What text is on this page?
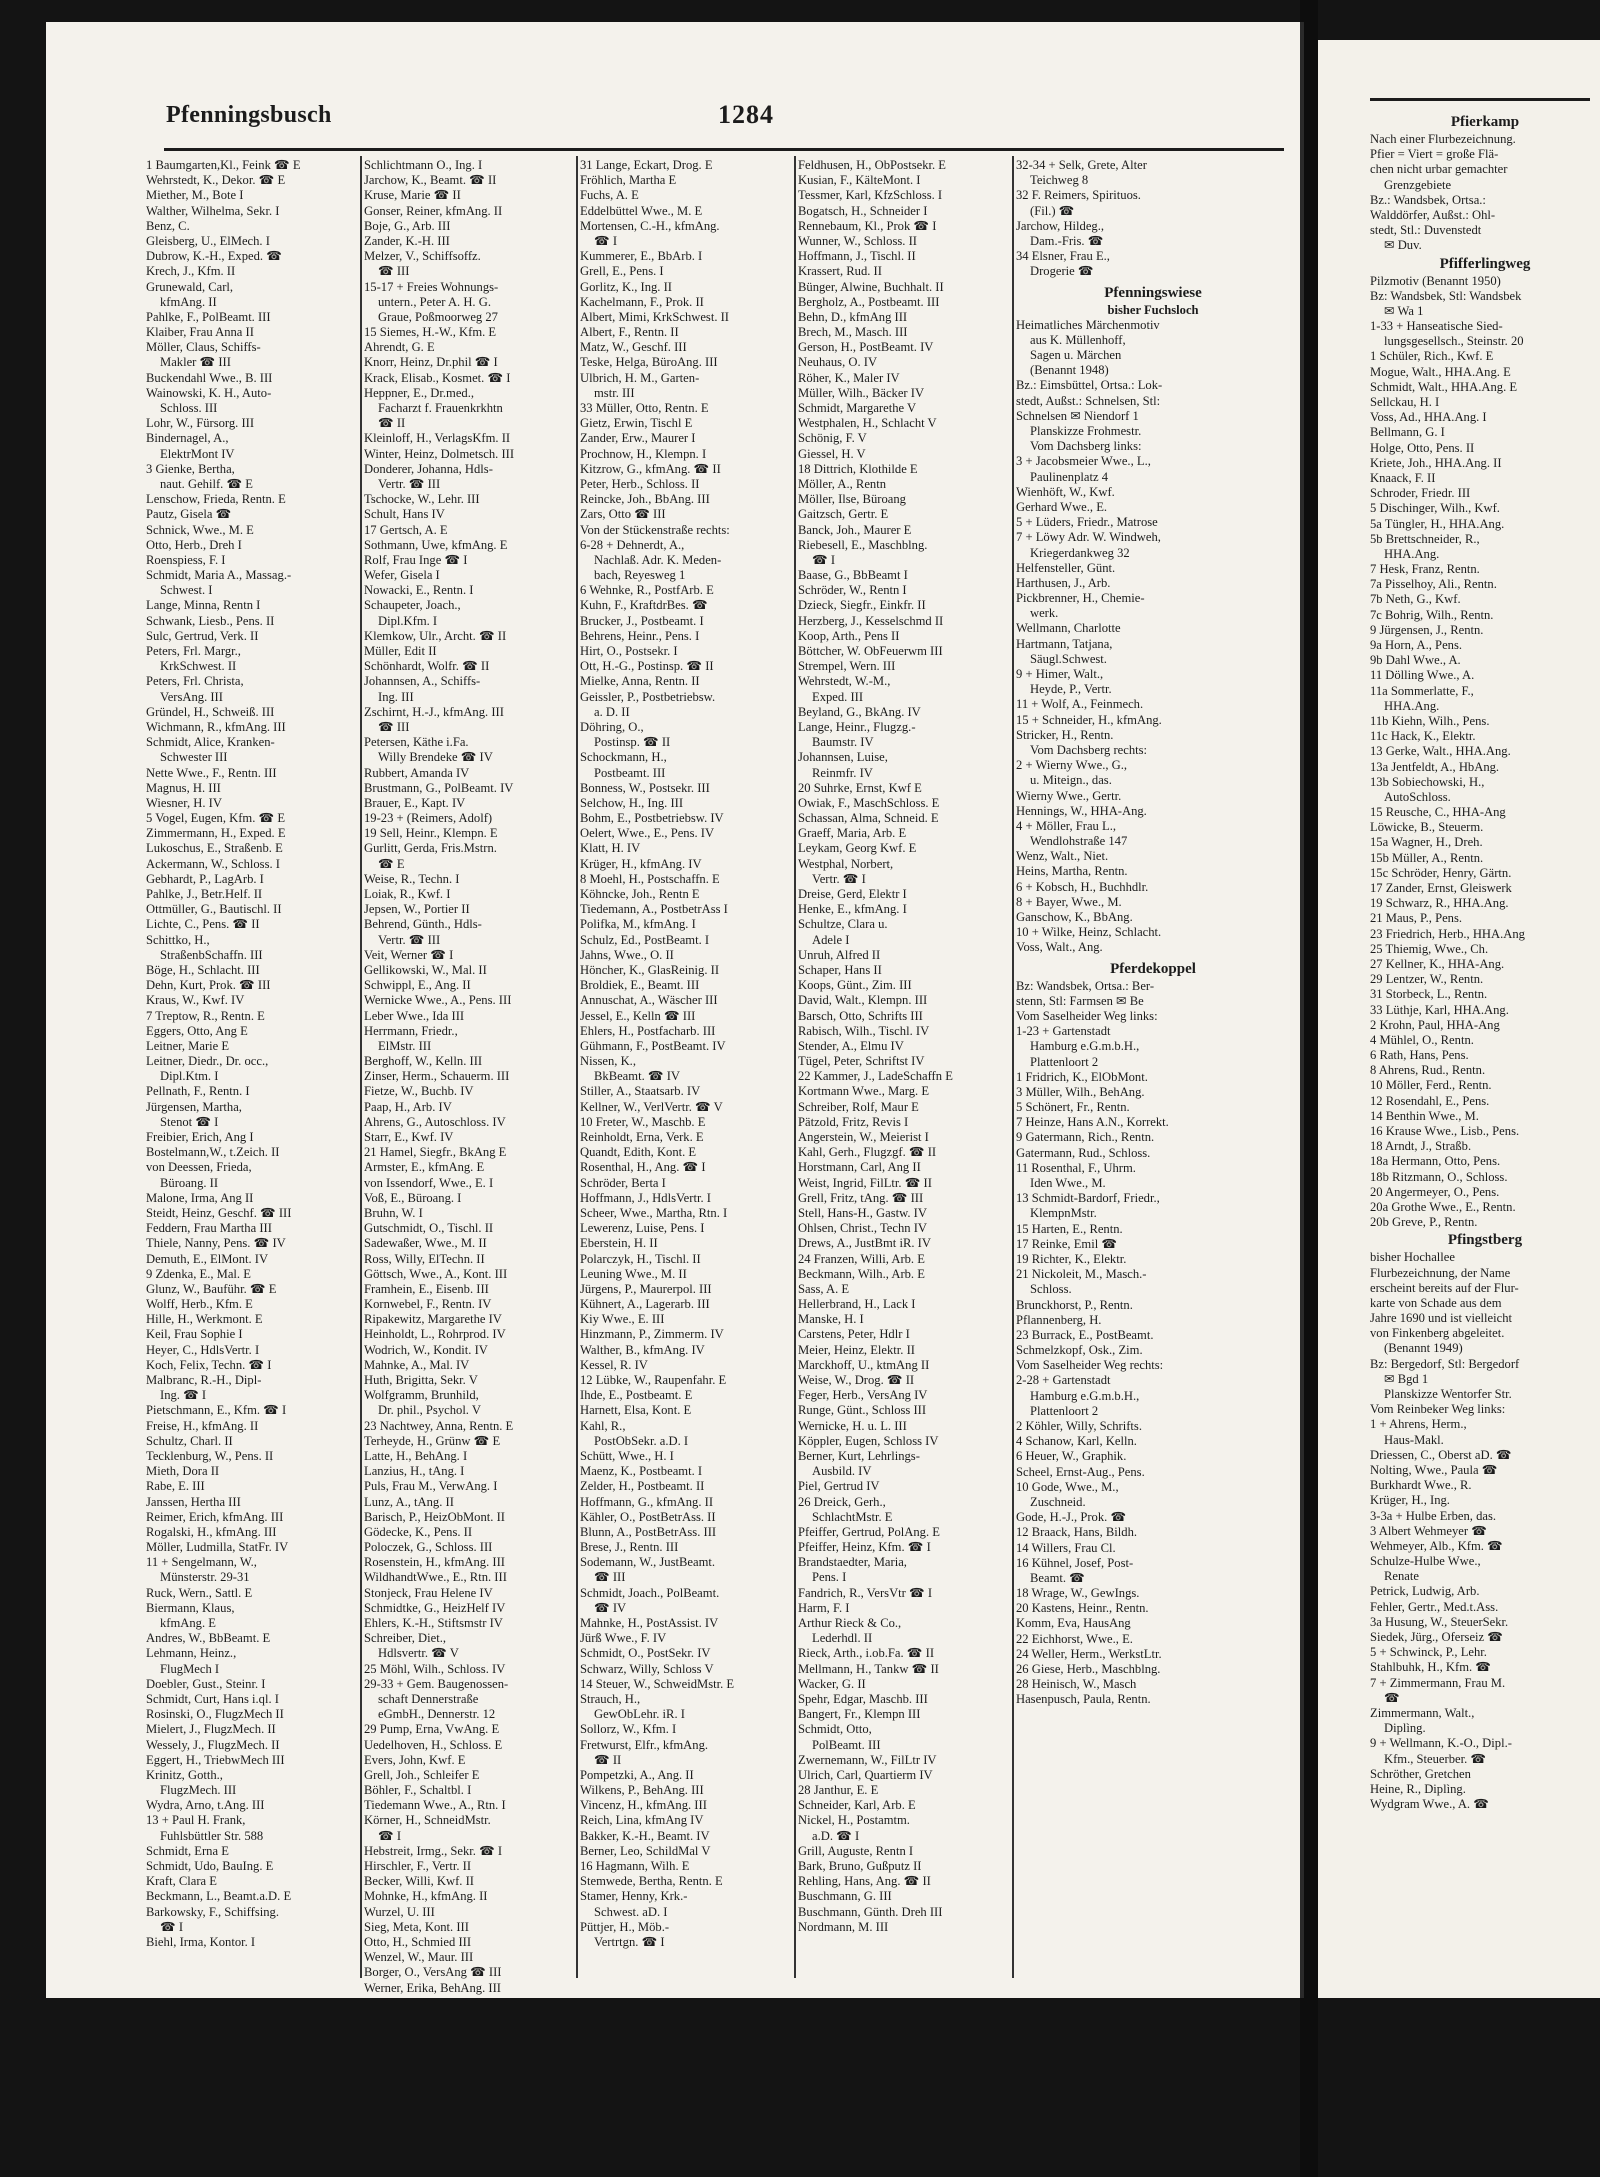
Pfenningsbusch	1284
1 Baumgarten,Kl., Feink ☎ E
Wehrstedt, K., Dekor. ☎ E
Miether, M., Bote I
Walther, Wilhelma, Sekr. I
Benz, C.
Gleisberg, U., ElMech. I
Dubrow, K.-H., Exped. ☎
Krech, J., Kfm. II
Grunewald, Carl,
kfmAng. II
Pahlke, F., PolBeamt. III
Klaiber, Frau Anna II
Möller, Claus, Schiffs-
Makler ☎ III
Buckendahl Wwe., B. III
Wainowski, K. H., Auto-
Schloss. III
Lohr, W., Fürsorg. III
Bindernagel, A.,
ElektrMont IV
3 Gienke, Bertha,
naut. Gehilf. ☎ E
Lenschow, Frieda, Rentn. E
Pautz, Gisela ☎
Schnick, Wwe., M. E
Otto, Herb., Dreh I
Roenspiess, F. I
Schmidt, Maria A., Massag.-
Schwest. I
Lange, Minna, Rentn I
Schwank, Liesb., Pens. II
Sulc, Gertrud, Verk. II
Peters, Frl. Margr.,
KrkSchwest. II
Peters, Frl. Christa,
VersAng. III
Gründel, H., Schweiß. III
Wichmann, R., kfmAng. III
Schmidt, Alice, Kranken-
Schwester III
Nette Wwe., F., Rentn. III
Magnus, H. III
Wiesner, H. IV
5 Vogel, Eugen, Kfm. ☎ E
Zimmermann, H., Exped. E
Lukoschus, E., Straßenb. E
Ackermann, W., Schloss. I
Gebhardt, P., LagArb. I
Pahlke, J., Betr.Helf. II
Ottmüller, G., Bautischl. II
Lichte, C., Pens. ☎ II
Schittko, H.,
StraßenbSchaffn. III
Böge, H., Schlacht. III
Dehn, Kurt, Prok. ☎ III
Kraus, W., Kwf. IV
7 Treptow, R., Rentn. E
Eggers, Otto, Ang E
Leitner, Marie E
Leitner, Diedr., Dr. occ.,
Dipl.Ktm. I
Pellnath, F., Rentn. I
Jürgensen, Martha,
Stenot ☎ I
Freibier, Erich, Ang I
Bostelmann,W., t.Zeich. II
von Deessen, Frieda,
Büroang. II
Malone, Irma, Ang II
Steidt, Heinz, Geschf. ☎ III
Feddern, Frau Martha III
Thiele, Nanny, Pens. ☎ IV
Demuth, E., ElMont. IV
9 Zdenka, E., Mal. E
Glunz, W., Bauführ. ☎ E
Wolff, Herb., Kfm. E
Hille, H., Werkmont. E
Keil, Frau Sophie I
Heyer, C., HdlsVertr. I
Koch, Felix, Techn. ☎ I
Malbranc, R.-H., Dipl-
Ing. ☎ I
Pietschmann, E., Kfm. ☎ I
Freise, H., kfmAng. II
Schultz, Charl. II
Tecklenburg, W., Pens. II
Mieth, Dora II
Rabe, E. III
Janssen, Hertha III
Reimer, Erich, kfmAng. III
Rogalski, H., kfmAng. III
Möller, Ludmilla, StatFr. IV
11 + Sengelmann, W.,
Münsterstr. 29-31
Ruck, Wern., Sattl. E
Biermann, Klaus,
kfmAng. E
Andres, W., BbBeamt. E
Lehmann, Heinz.,
FlugMech I
Doebler, Gust., Steinr. I
Schmidt, Curt, Hans i.ql. I
Rosinski, O., FlugzMech II
Mielert, J., FlugzMech. II
Wessely, J., FlugzMech. II
Eggert, H., TriebwMech III
Krinitz, Gotth.,
FlugzMech. III
Wydra, Arno, t.Ang. III
13 + Paul H. Frank,
Fuhlsbüttler Str. 588
Schmidt, Erna E
Schmidt, Udo, BauIng. E
Kraft, Clara E
Beckmann, L., Beamt.a.D. E
Barkowsky, F., Schiffsing.
☎ I
Biehl, Irma, Kontor. I
Schlichtmann O., Ing. I
Jarchow, K., Beamt. ☎ II
Kruse, Marie ☎ II
Gonser, Reiner, kfmAng. II
Boje, G., Arb. III
Zander, K.-H. III
Melzer, V., Schiffsoffz.
☎ III
15-17 + Freies Wohnungs-
untern., Peter A. H. G.
Graue, Poßmoorweg 27
15 Siemes, H.-W., Kfm. E
Ahrendt, G. E
Knorr, Heinz, Dr.phil ☎ I
Krack, Elisab., Kosmet. ☎ I
Heppner, E., Dr.med.,
Facharzt f. Frauenkrkhtn
☎ II
Kleinloff, H., VerlagsKfm. II
Winter, Heinz, Dolmetsch. III
Donderer, Johanna, Hdls-
Vertr. ☎ III
Tschocke, W., Lehr. III
Schult, Hans IV
17 Gertsch, A. E
Sothmann, Uwe, kfmAng. E
Rolf, Frau Inge ☎ I
Wefer, Gisela I
Nowacki, E., Rentn. I
Schaupeter, Joach.,
Dipl.Kfm. I
Klemkow, Ulr., Archt. ☎ II
Müller, Edit II
Schönhardt, Wolfr. ☎ II
Johannsen, A., Schiffs-
Ing. III
Zschirnt, H.-J., kfmAng. III
☎ III
Petersen, Käthe i.Fa.
Willy Brendeke ☎ IV
Rubbert, Amanda IV
Brustmann, G., PolBeamt. IV
Brauer, E., Kapt. IV
19-23 + (Reimers, Adolf)
19 Sell, Heinr., Klempn. E
Gurlitt, Gerda, Fris.Mstrn.
☎ E
Weise, R., Techn. I
Loiak, R., Kwf. I
Jepsen, W., Portier II
Behrend, Günth., Hdls-
Vertr. ☎ III
Veit, Werner ☎ I
Gellikowski, W., Mal. II
Schwippl, E., Ang. II
Wernicke Wwe., A., Pens. III
Leber Wwe., Ida III
Herrmann, Friedr.,
ElMstr. III
Berghoff, W., Kelln. III
Zinser, Herm., Schauerm. III
Fietze, W., Buchb. IV
Paap, H., Arb. IV
Ahrens, G., Autoschloss. IV
Starr, E., Kwf. IV
21 Hamel, Siegfr., BkAng E
Armster, E., kfmAng. E
von Issendorf, Wwe., E. I
Voß, E., Büroang. I
Bruhn, W. I
Gutschmidt, O., Tischl. II
Sadewaßer, Wwe., M. II
Ross, Willy, ElTechn. II
Göttsch, Wwe., A., Kont. III
Framhein, E., Eisenb. III
Kornwebel, F., Rentn. IV
Ripakewitz, Margarethe IV
Heinholdt, L., Rohrprod. IV
Wodrich, W., Kondit. IV
Mahnke, A., Mal. IV
Huth, Brigitta, Sekr. V
Wolfgramm, Brunhild,
Dr. phil., Psychol. V
23 Nachtwey, Anna, Rentn. E
Terheyde, H., Grünw ☎ E
Latte, H., BehAng. I
Lanzius, H., tAng. I
Puls, Frau M., VerwAng. I
Lunz, A., tAng. II
Barisch, P., HeizObMont. II
Gödecke, K., Pens. II
Poloczek, G., Schloss. III
Rosenstein, H., kfmAng. III
WildhandtWwe., E., Rtn. III
Stonjeck, Frau Helene IV
Schmidtke, G., HeizHelf IV
Ehlers, K.-H., Stiftsmstr IV
Schreiber, Diet.,
Hdlsvertr. ☎ V
25 Möhl, Wilh., Schloss. IV
29-33 + Gem. Baugenossen-
schaft Dennerstraße
eGmbH., Dennerstr. 12
29 Pump, Erna, VwAng. E
Uedelhoven, H., Schloss. E
Evers, John, Kwf. E
Grell, Joh., Schleifer E
Böhler, F., Schaltbl. I
Tiedemann Wwe., A., Rtn. I
Körner, H., SchneidMstr.
☎ I
Hebstreit, Irmg., Sekr. ☎ I
Hirschler, F., Vertr. II
Becker, Willi, Kwf. II
Mohnke, H., kfmAng. II
Wurzel, U. III
Sieg, Meta, Kont. III
Otto, H., Schmied III
Wenzel, W., Maur. III
Borger, O., VersAng ☎ III
Werner, Erika, BehAng. III
31 Lange, Eckart, Drog. E
Fröhlich, Martha E
Fuchs, A. E
Eddelbüttel Wwe., M. E
Mortensen, C.-H., kfmAng.
☎ I
Kummerer, E., BbArb. I
Grell, E., Pens. I
Gorlitz, K., Ing. II
Kachelmann, F., Prok. II
Albert, Mimi, KrkSchwest. II
Albert, F., Rentn. II
Matz, W., Geschf. III
Teske, Helga, BüroAng. III
Ulbrich, H. M., Garten-
mstr. III
33 Müller, Otto, Rentn. E
Gietz, Erwin, Tischl E
Zander, Erw., Maurer I
Prochnow, H., Klempn. I
Kitzrow, G., kfmAng. ☎ II
Peter, Herb., Schloss. II
Reincke, Joh., BbAng. III
Zars, Otto ☎ III
Von der Stückenstraße rechts:
6-28 + Dehnerdt, A.,
Nachlaß. Adr. K. Meden-
bach, Reyesweg 1
6 Wehnke, R., PostfArb. E
Kuhn, F., KraftdrBes. ☎
Brucker, J., Postbeamt. I
Behrens, Heinr., Pens. I
Hirt, O., Postsekr. I
Ott, H.-G., Postinsp. ☎ II
Mielke, Anna, Rentn. II
Geissler, P., Postbetriebsw.
a. D. II
Döhring, O.,
Postinsp. ☎ II
Schockmann, H.,
Postbeamt. III
Bonness, W., Postsekr. III
Selchow, H., Ing. III
Bohm, E., Postbetriebsw. IV
Oelert, Wwe., E., Pens. IV
Klatt, H. IV
Krüger, H., kfmAng. IV
8 Moehl, H., Postschaffn. E
Köhncke, Joh., Rentn E
Tiedemann, A., PostbetrAss I
Polifka, M., kfmAng. I
Schulz, Ed., PostBeamt. I
Jahns, Wwe., O. II
Höncher, K., GlasReinig. II
Broldiek, E., Beamt. III
Annuschat, A., Wäscher III
Jessel, E., Kelln ☎ III
Ehlers, H., Postfacharb. III
Gühmann, F., PostBeamt. IV
Nissen, K.,
BkBeamt. ☎ IV
Stiller, A., Staatsarb. IV
Kellner, W., VerlVertr. ☎ V
10 Freter, W., Maschb. E
Reinholdt, Erna, Verk. E
Quandt, Edith, Kont. E
Rosenthal, H., Ang. ☎ I
Schröder, Berta I
Hoffmann, J., HdlsVertr. I
Scheer, Wwe., Martha, Rtn. I
Lewerenz, Luise, Pens. I
Eberstein, H. II
Polarczyk, H., Tischl. II
Leuning Wwe., M. II
Jürgens, P., Maurerpol. III
Kühnert, A., Lagerarb. III
Kiy Wwe., E. III
Hinzmann, P., Zimmerm. IV
Walther, B., kfmAng. IV
Kessel, R. IV
12 Lübke, W., Raupenfahr. E
Ihde, E., Postbeamt. E
Harnett, Elsa, Kont. E
Kahl, R.,
PostObSekr. a.D. I
Schütt, Wwe., H. I
Maenz, K., Postbeamt. I
Zelder, H., Postbeamt. II
Hoffmann, G., kfmAng. II
Kähler, O., PostBetrAss. II
Blunn, A., PostBetrAss. III
Brese, J., Rentn. III
Sodemann, W., JustBeamt.
☎ III
Schmidt, Joach., PolBeamt.
☎ IV
Mahnke, H., PostAssist. IV
Jürß Wwe., F. IV
Schmidt, O., PostSekr. IV
Schwarz, Willy, Schloss V
14 Steuer, W., SchweidMstr. E
Strauch, H.,
GewObLehr. iR. I
Sollorz, W., Kfm. I
Fretwurst, Elfr., kfmAng.
☎ II
Pompetzki, A., Ang. II
Wilkens, P., BehAng. III
Vincenz, H., kfmAng. III
Reich, Lina, kfmAng IV
Bakker, K.-H., Beamt. IV
Berner, Leo, SchildMal V
16 Hagmann, Wilh. E
Stemwede, Bertha, Rentn. E
Stamer, Henny, Krk.-
Schwest. aD. I
Püttjer, H., Möb.-
Vertrtgn. ☎ I
Feldhusen, H., ObPostsekr. E
Kusian, F., KälteMont. I
Tessmer, Karl, KfzSchloss. I
Bogatsch, H., Schneider I
Rennebaum, Kl., Prok ☎ I
Wunner, W., Schloss. II
Hoffmann, J., Tischl. II
Krassert, Rud. II
Bünger, Alwine, Buchhalt. II
Bergholz, A., Postbeamt. III
Behn, D., kfmAng III
Brech, M., Masch. III
Gerson, H., PostBeamt. IV
Neuhaus, O. IV
Röher, K., Maler IV
Müller, Wilh., Bäcker IV
Schmidt, Margarethe V
Westphalen, H., Schlacht V
Schönig, F. V
Giessel, H. V
18 Dittrich, Klothilde E
Möller, A., Rentn
Möller, Ilse, Büroang
Gaitzsch, Gertr. E
Banck, Joh., Maurer E
Riebesell, E., Maschblng.
☎ I
Baase, G., BbBeamt I
Schröder, W., Rentn I
Dzieck, Siegfr., Einkfr. II
Herzberg, J., Kesselschmd II
Koop, Arth., Pens II
Böttcher, W. ObFeuerwm III
Strempel, Wern. III
Wehrstedt, W.-M.,
Exped. III
Beyland, G., BkAng. IV
Lange, Heinr., Flugzg.-
Baumstr. IV
Johannsen, Luise,
Reinmfr. IV
20 Suhrke, Ernst, Kwf E
Owiak, F., MaschSchloss. E
Schassan, Alma, Schneid. E
Graeff, Maria, Arb. E
Leykam, Georg Kwf. E
Westphal, Norbert,
Vertr. ☎ I
Dreise, Gerd, Elektr I
Henke, E., kfmAng. I
Schultze, Clara u.
Adele I
Unruh, Alfred II
Schaper, Hans II
Koops, Günt., Zim. III
David, Walt., Klempn. III
Barsch, Otto, Schrifts III
Rabisch, Wilh., Tischl. IV
Stender, A., Elmu IV
Tügel, Peter, Schriftst IV
22 Kammer, J., LadeSchaffn E
Kortmann Wwe., Marg. E
Schreiber, Rolf, Maur E
Pätzold, Fritz, Revis I
Angerstein, W., Meierist I
Kahl, Gerh., Flugzgf. ☎ II
Horstmann, Carl, Ang II
Weist, Ingrid, FilLtr. ☎ II
Grell, Fritz, tAng. ☎ III
Stell, Hans-H., Gastw. IV
Ohlsen, Christ., Techn IV
Drews, A., JustBmt iR. IV
24 Franzen, Willi, Arb. E
Beckmann, Wilh., Arb. E
Sass, A. E
Hellerbrand, H., Lack I
Manske, H. I
Carstens, Peter, Hdlr I
Meier, Heinz, Elektr. II
Marckhoff, U., ktmAng II
Weise, W., Drog. ☎ II
Feger, Herb., VersAng IV
Runge, Günt., Schloss III
Wernicke, H. u. L. III
Köppler, Eugen, Schloss IV
Berner, Kurt, Lehrlings-
Ausbild. IV
Piel, Gertrud IV
26 Dreick, Gerh.,
SchlachtMstr. E
Pfeiffer, Gertrud, PolAng. E
Pfeiffer, Heinz, Kfm. ☎ I
Brandstaedter, Maria,
Pens. I
Fandrich, R., VersVtr ☎ I
Harm, F. I
Arthur Rieck & Co.,
Lederhdl. II
Rieck, Arth., i.ob.Fa. ☎ II
Mellmann, H., Tankw ☎ II
Wacker, G. II
Spehr, Edgar, Maschb. III
Bangert, Fr., Klempn III
Schmidt, Otto,
PolBeamt. III
Zwernemann, W., FilLtr IV
Ulrich, Carl, Quartierm IV
28 Janthur, E. E
Schneider, Karl, Arb. E
Nickel, H., Postamtm.
a.D. ☎ I
Grill, Auguste, Rentn I
Bark, Bruno, Gußputz II
Rehling, Hans, Ang. ☎ II
Buschmann, G. III
Buschmann, Günth. Dreh III
Nordmann, M. III
32-34 + Selk, Grete, Alter
Teichweg 8
32 F. Reimers, Spirituos.
(Fil.) ☎
Jarchow, Hildeg.,
Dam.-Fris. ☎
34 Elsner, Frau E.,
Drogerie ☎
Pfenningswiese
bisher Fuchsloch
Heimatliches Märchenmotiv
aus K. Müllenhoff,
Sagen u. Märchen
(Benannt 1948)
Bz.: Eimsbüttel, Ortsa.: Lok-
stedt, Außst.: Schnelsen, Stl:
Schnelsen ✉ Niendorf 1
Planskizze Frohmestr.
Vom Dachsberg links:
3 + Jacobsmeier Wwe., L.,
Paulinenplatz 4
Wienhöft, W., Kwf.
Gerhard Wwe., E.
5 + Lüders, Friedr., Matrose
7 + Löwy Adr. W. Windweh,
Kriegerdankweg 32
Helfensteller, Günt.
Harthusen, J., Arb.
Pickbrenner, H., Chemie-
werk.
Wellmann, Charlotte
Hartmann, Tatjana,
Säugl.Schwest.
9 + Himer, Walt.,
Heyde, P., Vertr.
11 + Wolf, A., Feinmech.
15 + Schneider, H., kfmAng.
Stricker, H., Rentn.
Vom Dachsberg rechts:
2 + Wierny Wwe., G.,
u. Miteign., das.
Wierny Wwe., Gertr.
Hennings, W., HHA-Ang.
4 + Möller, Frau L.,
Wendlohstraße 147
Wenz, Walt., Niet.
Heins, Martha, Rentn.
6 + Kobsch, H., Buchhdlr.
8 + Bayer, Wwe., M.
Ganschow, K., BbAng.
10 + Wilke, Heinz, Schlacht.
Voss, Walt., Ang.
Pferdekoppel
Bz: Wandsbek, Ortsa.: Ber-
stenn, Stl: Farmsen ✉ Be
Vom Saselheider Weg links:
1-23 + Gartenstadt
Hamburg e.G.m.b.H.,
Plattenloort 2
1 Fridrich, K., ElObMont.
3 Müller, Wilh., BehAng.
5 Schönert, Fr., Rentn.
7 Heinze, Hans A.N., Korrekt.
9 Gatermann, Rich., Rentn.
Gatermann, Rud., Schloss.
11 Rosenthal, F., Uhrm.
Iden Wwe., M.
13 Schmidt-Bardorf, Friedr.,
KlempnMstr.
15 Harten, E., Rentn.
17 Reinke, Emil ☎
19 Richter, K., Elektr.
21 Nickoleit, M., Masch.-
Schloss.
Brunckhorst, P., Rentn.
Pflannenberg, H.
23 Burrack, E., PostBeamt.
Schmelzkopf, Osk., Zim.
Vom Saselheider Weg rechts:
2-28 + Gartenstadt
Hamburg e.G.m.b.H.,
Plattenloort 2
2 Köhler, Willy, Schrifts.
4 Schanow, Karl, Kelln.
6 Heuer, W., Graphik.
Scheel, Ernst-Aug., Pens.
10 Gode, Wwe., M.,
Zuschneid.
Gode, H.-J., Prok. ☎
12 Braack, Hans, Bildh.
14 Willers, Frau Cl.
16 Kühnel, Josef, Post-
Beamt. ☎
18 Wrage, W., GewIngs.
20 Kastens, Heinr., Rentn.
Komm, Eva, HausAng
22 Eichhorst, Wwe., E.
24 Weller, Herm., WerkstLtr.
26 Giese, Herb., Maschblng.
28 Heinisch, W., Masch
Hasenpusch, Paula, Rentn.
Pfierkamp
Nach einer Flurbezeichnung.
Pfier = Viert = große Flä-
chen nicht urbar gemachter
Grenzgebiete
Bz.: Wandsbek, Ortsa.:
Walddörfer, Außst.: Ohl-
stedt, Stl.: Duvenstedt
✉ Duv.
Pfifferlingweg
Pilzmotiv (Benannt 1950)
Bz: Wandsbek, Stl: Wandsbek
✉ Wa 1
1-33 + Hanseatische Sied-
lungsgesellsch., Steinstr. 20
1 Schüler, Rich., Kwf. E
Mogue, Walt., HHA.Ang. E
Schmidt, Walt., HHA.Ang. E
Sellckau, H. I
Voss, Ad., HHA.Ang. I
Bellmann, G. I
Holge, Otto, Pens. II
Kriete, Joh., HHA.Ang. II
Knaack, F. II
Schroder, Friedr. III
5 Dischinger, Wilh., Kwf.
5a Tüngler, H., HHA.Ang.
5b Brettschneider, R.,
HHA.Ang.
7 Hesk, Franz, Rentn.
7a Pisselhoy, Ali., Rentn.
7b Neth, G., Kwf.
7c Bohrig, Wilh., Rentn.
9 Jürgensen, J., Rentn.
9a Horn, A., Pens.
9b Dahl Wwe., A.
11 Dölling Wwe., A.
11a Sommerlatte, F.,
HHA.Ang.
11b Kiehn, Wilh., Pens.
11c Hack, K., Elektr.
13 Gerke, Walt., HHA.Ang.
13a Jentfeldt, A., HbAng.
13b Sobiechowski, H.,
AutoSchloss.
15 Reusche, C., HHA-Ang
Löwicke, B., Steuerm.
15a Wagner, H., Dreh.
15b Müller, A., Rentn.
15c Schröder, Henry, Gärtn.
17 Zander, Ernst, Gleiswerk
19 Schwarz, R., HHA.Ang.
21 Maus, P., Pens.
23 Friedrich, Herb., HHA.Ang
25 Thiemig, Wwe., Ch.
27 Kellner, K., HHA-Ang.
29 Lentzer, W., Rentn.
31 Storbeck, L., Rentn.
33 Lüthje, Karl, HHA.Ang.
2 Krohn, Paul, HHA-Ang
4 Mühlel, O., Rentn.
6 Rath, Hans, Pens.
8 Ahrens, Rud., Rentn.
10 Möller, Ferd., Rentn.
12 Rosendahl, E., Pens.
14 Benthin Wwe., M.
16 Krause Wwe., Lisb., Pens.
18 Arndt, J., Straßb.
18a Hermann, Otto, Pens.
18b Ritzmann, O., Schloss.
20 Angermeyer, O., Pens.
20a Grothe Wwe., E., Rentn.
20b Greve, P., Rentn.
Pfingstberg
bisher Hochallee
Flurbezeichnung, der Name
erscheint bereits auf der Flur-
karte von Schade aus dem
Jahre 1690 und ist vielleicht
von Finkenberg abgeleitet.
(Benannt 1949)
Bz: Bergedorf, Stl: Bergedorf
✉ Bgd 1
Planskizze Wentorfer Str.
Vom Reinbeker Weg links:
1 + Ahrens, Herm.,
Haus-Makl.
Driessen, C., Oberst aD. ☎
Nolting, Wwe., Paula ☎
Burkhardt Wwe., R.
Krüger, H., Ing.
3-3a + Hulbe Erben, das.
3 Albert Wehmeyer ☎
Wehmeyer, Alb., Kfm. ☎
Schulze-Hulbe Wwe.,
Renate
Petrick, Ludwig, Arb.
Fehler, Gertr., Med.t.Ass.
3a Husung, W., SteuerSekr.
Siedek, Jürg., Oferseiz ☎
5 + Schwinck, P., Lehr.
Stahlbuhk, H., Kfm. ☎
7 + Zimmermann, Frau M.
☎
Zimmermann, Walt.,
Diplìng.
9 + Wellmann, K.-O., Dipl.-
Kfm., Steuerber. ☎
Schröther, Gretchen
Heine, R., Diplìng.
Wydgram Wwe., A. ☎
